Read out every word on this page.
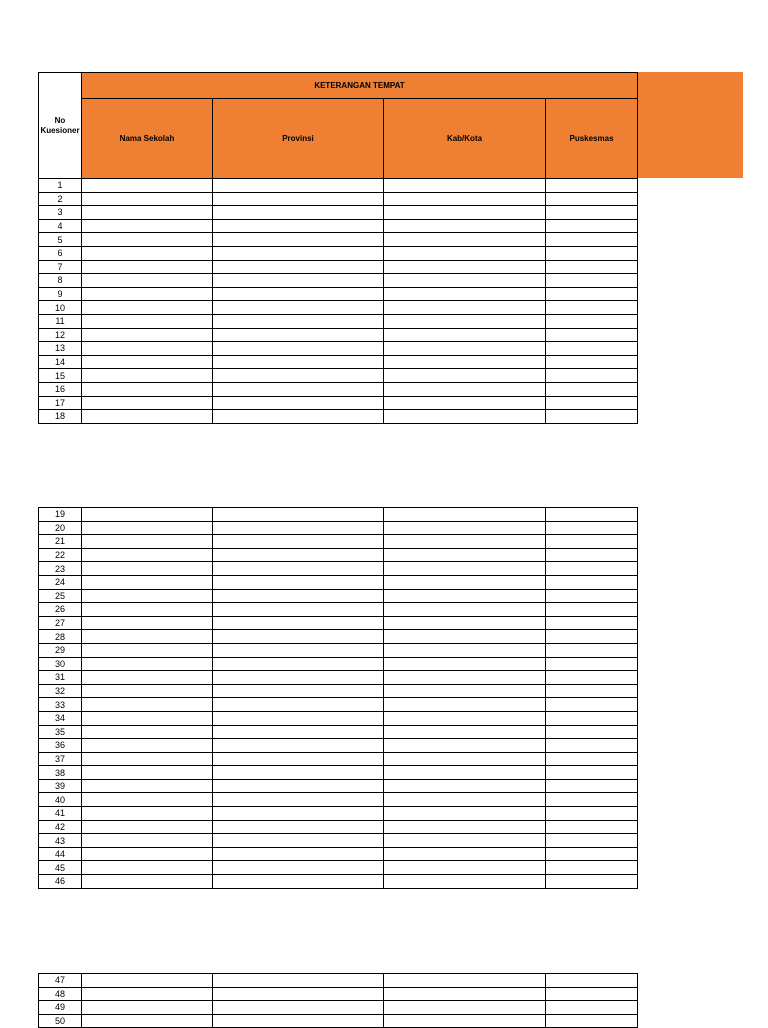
No Kuesioner	KETERANGAN TEMPAT			
	Nama Sekolah	Provinsi	Kab/Kota	Puskesmas
1				
2				
3				
4				
5				
6				
7				
8				
9				
10				
11				
12				
13				
14				
15				
16				
17				
18				
19				
20				
21				
22				
23				
24				
25				
26				
27				
28				
29				
30				
31				
32				
33				
34				
35				
36				
37				
38				
39				
40				
41				
42				
43				
44				
45				
46				
47				
48				
49				
50				
